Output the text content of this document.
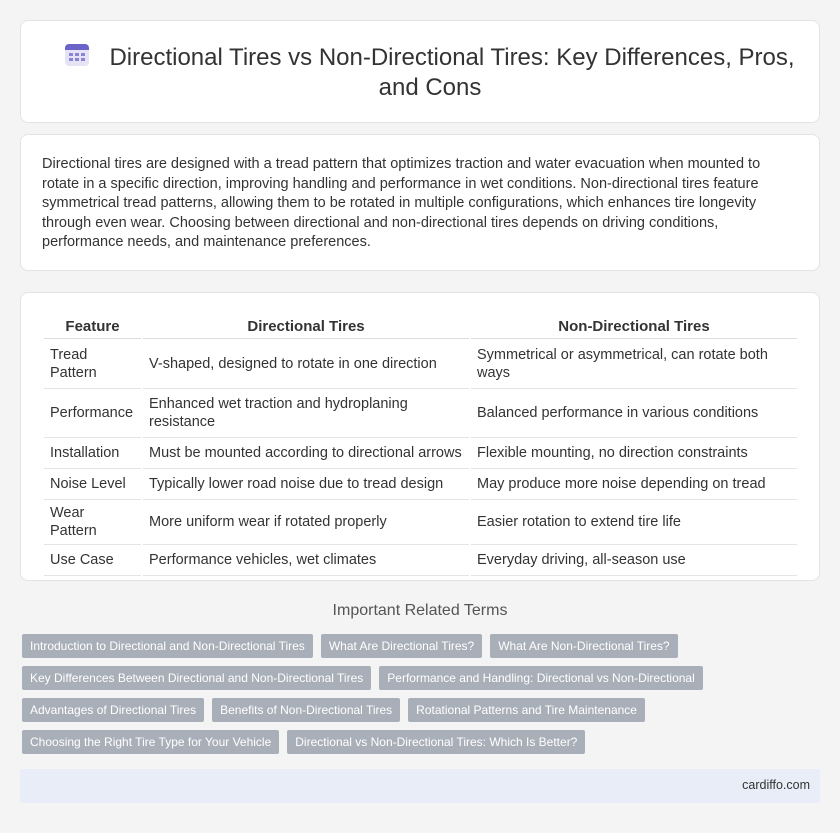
Directional Tires vs Non-Directional Tires: Key Differences, Pros, and Cons

Directional tires are designed with a tread pattern that optimizes traction and water evacuation when mounted to rotate in a specific direction, improving handling and performance in wet conditions. Non-directional tires feature symmetrical tread patterns, allowing them to be rotated in multiple configurations, which enhances tire longevity through even wear. Choosing between directional and non-directional tires depends on driving conditions, performance needs, and maintenance preferences.

Feature	Directional Tires	Non-Directional Tires
Tread Pattern	V-shaped, designed to rotate in one direction	Symmetrical or asymmetrical, can rotate both ways
Performance	Enhanced wet traction and hydroplaning resistance	Balanced performance in various conditions
Installation	Must be mounted according to directional arrows	Flexible mounting, no direction constraints
Noise Level	Typically lower road noise due to tread design	May produce more noise depending on tread
Wear Pattern	More uniform wear if rotated properly	Easier rotation to extend tire life
Use Case	Performance vehicles, wet climates	Everyday driving, all-season use
Important Related Terms
Introduction to Directional and Non-Directional Tires What Are Directional Tires? What Are Non-Directional Tires?
Key Differences Between Directional and Non-Directional Tires Performance and Handling: Directional vs Non-Directional
Advantages of Directional Tires Benefits of Non-Directional Tires Rotational Patterns and Tire Maintenance
Choosing the Right Tire Type for Your Vehicle Directional vs Non-Directional Tires: Which Is Better?
cardiffo.com
